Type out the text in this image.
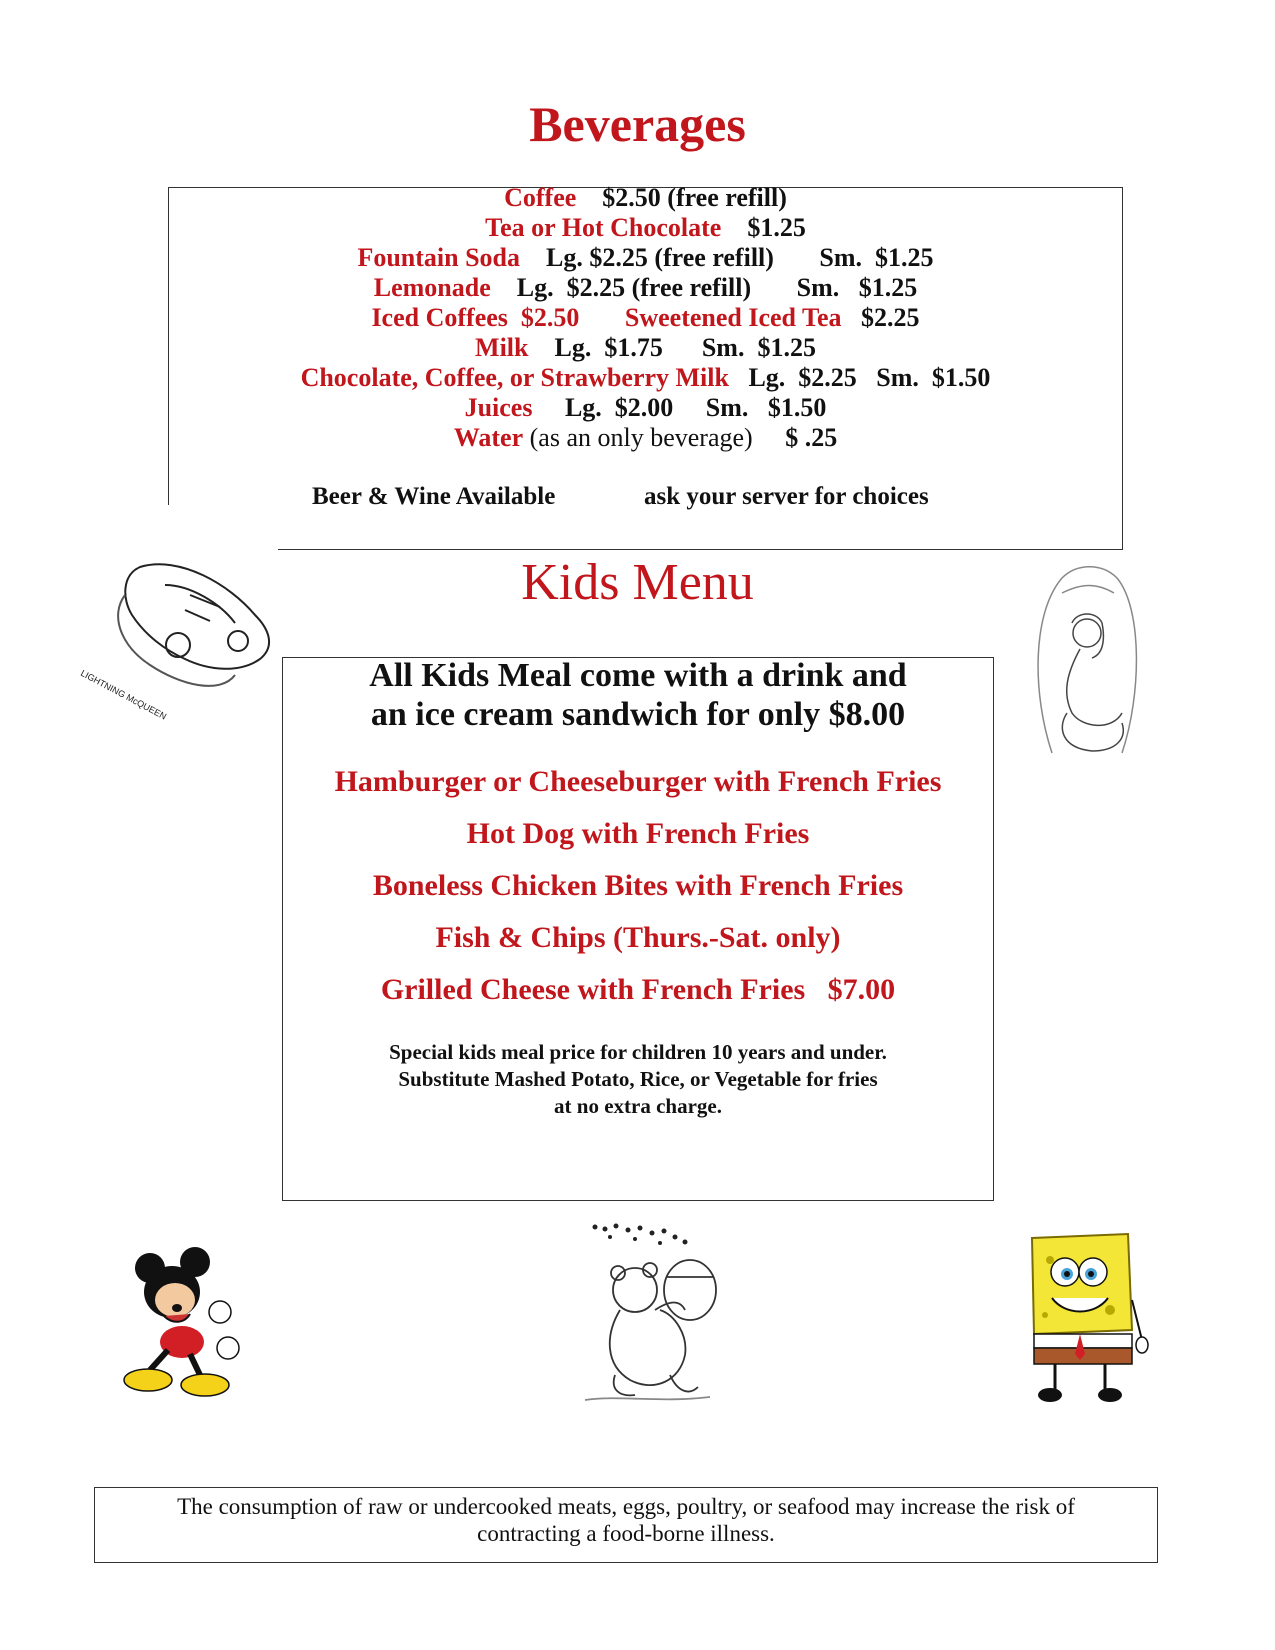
Beverages
Coffee    $2.50 (free refill)
Tea or Hot Chocolate    $1.25
Fountain Soda    Lg. $2.25 (free refill)       Sm.  $1.25
Lemonade    Lg.  $2.25 (free refill)       Sm.   $1.25
Iced Coffees  $2.50       Sweetened Iced Tea   $2.25
Milk    Lg.  $1.75      Sm.  $1.25
Chocolate, Coffee, or Strawberry Milk   Lg.  $2.25   Sm.  $1.50
Juices     Lg.  $2.00     Sm.   $1.50
Water (as an only beverage)     $ .25
Beer & Wine Available	ask your server for choices
Kids Menu
All Kids Meal come with a drink and
an ice cream sandwich for only $8.00
Hamburger or Cheeseburger with French Fries
Hot Dog with French Fries
Boneless Chicken Bites with French Fries
Fish & Chips (Thurs.-Sat. only)
Grilled Cheese with French Fries   $7.00
Special kids meal price for children 10 years and under.
Substitute Mashed Potato, Rice, or Vegetable for fries
at no extra charge.
LIGHTNING McQUEEN
The consumption of raw or undercooked meats, eggs, poultry, or seafood may increase the risk of
contracting a food-borne illness.
